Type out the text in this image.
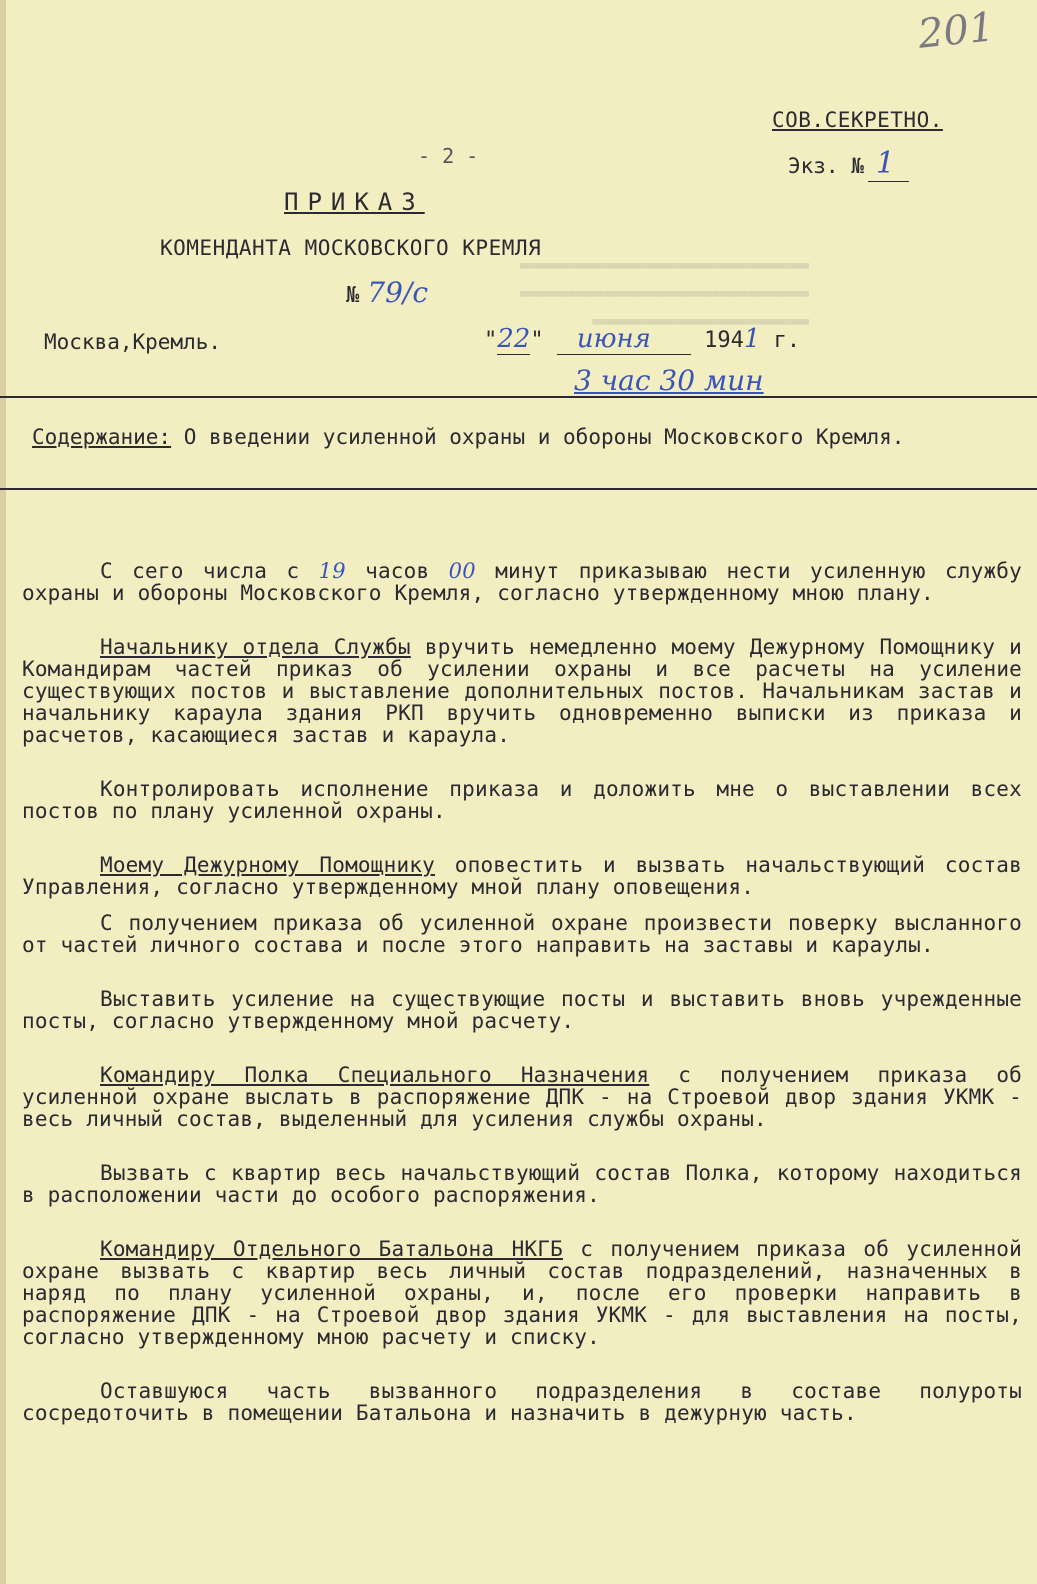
▬▬▬▬▬▬▬▬▬▬▬▬▬▬▬▬▬▬▬▬▬▬▬▬
▬▬▬▬▬▬▬▬▬▬▬▬▬▬▬▬▬▬▬▬▬▬▬▬
▬▬▬▬▬▬▬▬▬▬▬▬▬▬▬▬▬▬
201
СОВ.СЕКРЕТНО.
- 2 -	Экз. № 1
ПРИКАЗ
КОМЕНДАНТА МОСКОВСКОГО КРЕМЛЯ
№ 79/с
Москва,Кремль.	"22" июня 1941 г.
3 час 30 мин
Содержание: О введении усиленной охраны и обороны Московского Кремля.

С сего числа с 19 часов 00 минут приказываю нести усиленную службу охраны и обороны Московского Кремля, согласно утвержденному мною плану.

Начальнику отдела Службы вручить немедленно моему Дежурному Помощнику и Командирам частей приказ об усилении охраны и все расчеты на усиление существующих постов и выставление дополнительных постов. Начальникам застав и начальнику караула здания РКП вручить одновременно выписки из приказа и расчетов, касающиеся застав и караула.

Контролировать исполнение приказа и доложить мне о выставлении всех постов по плану усиленной охраны.

Моему Дежурному Помощнику оповестить и вызвать начальствующий состав Управления, согласно утвержденному мной плану оповещения.

С получением приказа об усиленной охране произвести поверку высланного от частей личного состава и после этого направить на заставы и караулы.

Выставить усиление на существующие посты и выставить вновь учрежденные посты, согласно утвержденному мной расчету.

Командиру Полка Специального Назначения с получением приказа об усиленной охране выслать в распоряжение ДПК - на Строевой двор здания УКМК - весь личный состав, выделенный для усиления службы охраны.

Вызвать с квартир весь начальствующий состав Полка, которому находиться в расположении части до особого распоряжения.

Командиру Отдельного Батальона НКГБ с получением приказа об усиленной охране вызвать с квартир весь личный состав подразделений, назначенных в наряд по плану усиленной охраны, и, после его проверки направить в распоряжение ДПК - на Строевой двор здания УКМК - для выставления на посты, согласно утвержденному мною расчету и списку.

Оставшуюся часть вызванного подразделения в составе полуроты сосредоточить в помещении Батальона и назначить в дежурную часть.
